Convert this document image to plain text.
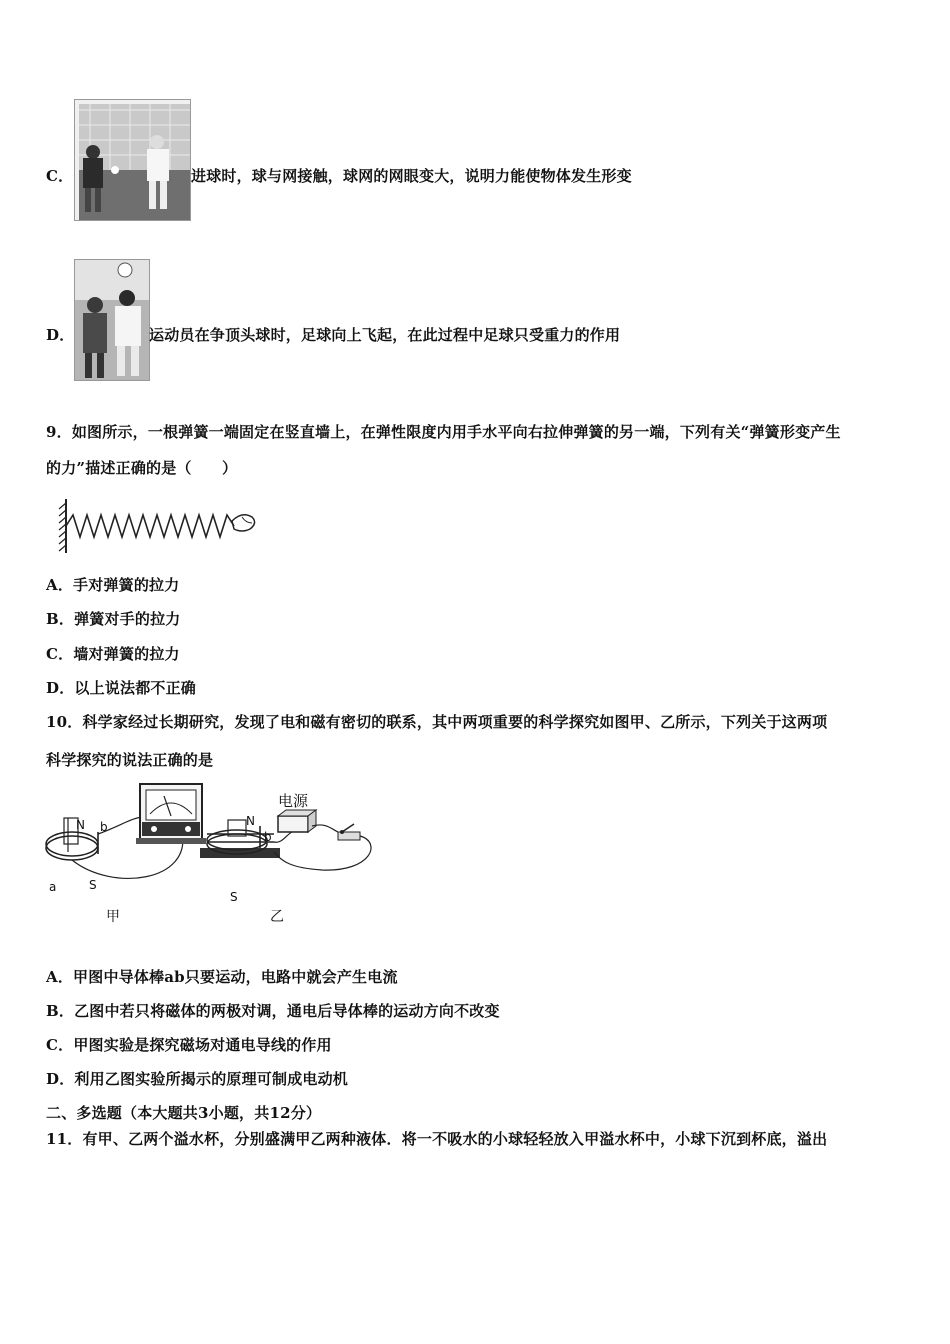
C．	进球时，球与网接触，球网的网眼变大，说明力能使物体发生形变
D．	运动员在争顶头球时，足球向上飞起，在此过程中足球只受重力的作用
9．如图所示，一根弹簧一端固定在竖直墙上，在弹性限度内用手水平向右拉伸弹簧的另一端，下列有关“弹簧形变产生
的力”描述正确的是（　　）
A．手对弹簧的拉力
B．弹簧对手的拉力
C．墙对弹簧的拉力
D．以上说法都不正确
10．科学家经过长期研究，发现了电和磁有密切的联系，其中两项重要的科学探究如图甲、乙所示，下列关于这两项
科学探究的说法正确的是
N b
a	S
甲
电源
N
b
S
乙
A．甲图中导体棒ab只要运动，电路中就会产生电流
B．乙图中若只将磁体的两极对调，通电后导体棒的运动方向不改变
C．甲图实验是探究磁场对通电导线的作用
D．利用乙图实验所揭示的原理可制成电动机
二、多选题（本大题共3小题，共12分）
11．有甲、乙两个溢水杯，分别盛满甲乙两种液体．将一不吸水的小球轻轻放入甲溢水杯中，小球下沉到杯底，溢出
